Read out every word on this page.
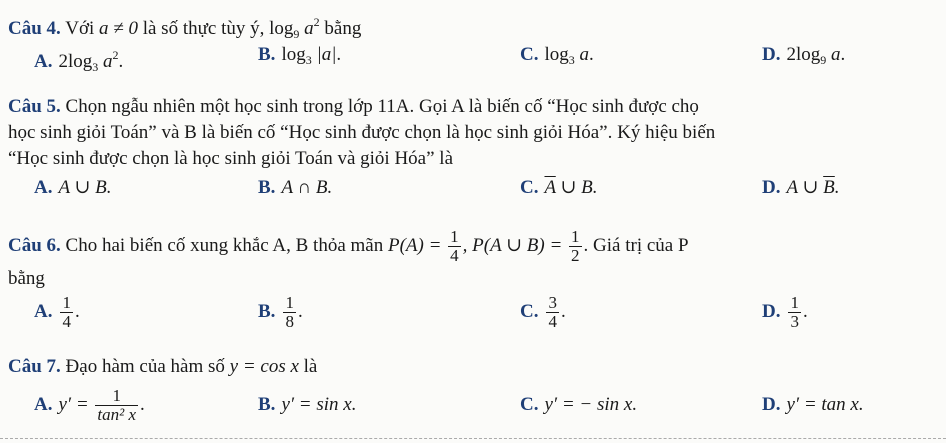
Câu 4. Với a ≠ 0 là số thực tùy ý, $\log_9 a^2$ bằng
A. $2\log_3$ $a^2$.	B. $\log_3 |a|$.	C. $\log_3 a$.	D. $2\log_9$ a.
Câu 5. Chọn ngẫu nhiên một học sinh trong lớp 11A. Gọi A là biến cố “Học sinh được chọ
học sinh giỏi Toán” và B là biến cố “Học sinh được chọn là học sinh giỏi Hóa”. Ký hiệu biến
“Học sinh được chọn là học sinh giỏi Toán và giỏi Hóa” là
A. A ∪ B.	B. A ∩ B.	C. $\overline{A}$ ∪ B.	D. A ∪ $\overline{B}$.
Câu 6. Cho hai biến cố xung khắc A, B thỏa mãn $P(A) = \frac{1}{4}$ , P(A ∪ $B) = \frac{1}{2}$ . Giá trị của P
bằng
A. $\frac{1}{4}$ .	B. $\frac{1}{8}$ .	C. $\frac{3}{4}$ .	D. $\frac{1}{3}$ .
Câu 7. Đạo hàm của hàm số y = cos x là
A. $y' = \frac{1}{\text{tan² x}}$ .	B. y′ = sin x.	C. y′ = − sin x.	D. y′ = tan x.
